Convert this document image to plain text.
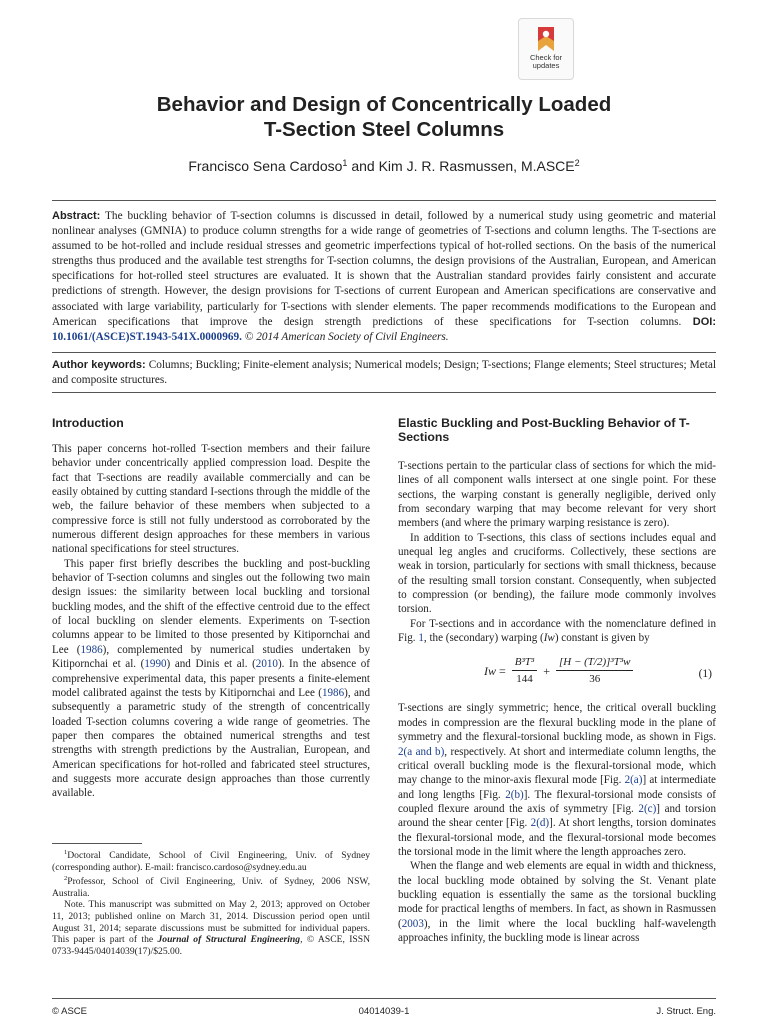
Check for
updates
Behavior and Design of Concentrically Loaded
T-Section Steel Columns
Francisco Sena Cardoso$^1$ and Kim J. R. Rasmussen, M.ASCE$^2$
Abstract: The buckling behavior of T-section columns is discussed in detail, followed by a numerical study using geometric and material nonlinear analyses (GMNIA) to produce column strengths for a wide range of geometries of T-sections and column lengths. The T-sections are assumed to be hot-rolled and include residual stresses and geometric imperfections typical of hot-rolled sections. On the basis of the numerical strengths thus produced and the available test strengths for T-section columns, the design provisions of the Australian, European, and American specifications for hot-rolled steel structures are evaluated. It is shown that the Australian standard provides fairly consistent and accurate predictions of strength. However, the design provisions for T-sections of current European and American specifications are conservative and associated with large variability, particularly for T-sections with slender elements. The paper recommends modifications to the European and American specifications that improve the design strength predictions of these specifications for T-section columns. DOI: 10.1061/(ASCE)ST.1943-541X.0000969. © 2014 American Society of Civil Engineers.
Author keywords: Columns; Buckling; Finite-element analysis; Numerical models; Design; T-sections; Flange elements; Steel structures; Metal and composite structures.
Introduction

This paper concerns hot-rolled T-section members and their failure behavior under concentrically applied compression load. Despite the fact that T-sections are readily available commercially and can be easily obtained by cutting standard I-sections through the middle of the web, the failure behavior of these members when subjected to a compressive force is still not fully understood as corroborated by the numerous different design approaches for these members in various national specifications for steel structures.

This paper first briefly describes the buckling and post-buckling behavior of T-section columns and singles out the following two main design issues: the similarity between local buckling and torsional buckling modes, and the shift of the effective centroid due to the effect of local buckling on slender elements. Experiments on T-section columns appear to be limited to those presented by Kitipornchai and Lee (1986), complemented by numerical studies undertaken by Kitipornchai et al. (1990) and Dinis et al. (2010). In the absence of comprehensive experimental data, this paper presents a finite-element model calibrated against the tests by Kitipornchai and Lee (1986), and subsequently a parametric study of the strength of concentrically loaded T-section columns covering a wide range of geometries. The paper then compares the obtained numerical strengths and test strengths with strength predictions by the Australian, European, and American specifications for hot-rolled and fabricated steel structures, and suggests more accurate design approaches than those currently available.

$^1$Doctoral Candidate, School of Civil Engineering, Univ. of Sydney (corresponding author). E-mail: francisco.cardoso@sydney.edu.au

$^2$Professor, School of Civil Engineering, Univ. of Sydney, 2006 NSW, Australia.

Note. This manuscript was submitted on May 2, 2013; approved on October 11, 2013; published online on March 31, 2014. Discussion period open until August 31, 2014; separate discussions must be submitted for individual papers. This paper is part of the Journal of Structural Engineering, © ASCE, ISSN 0733-9445/04014039(17)/$25.00.

Elastic Buckling and Post-Buckling Behavior of T-Sections

T-sections pertain to the particular class of sections for which the mid-lines of all component walls intersect at one single point. For these sections, the warping constant is generally negligible, derived only from secondary warping that may become relevant for very short members (and where the primary warping resistance is zero).

In addition to T-sections, this class of sections includes equal and unequal leg angles and cruciforms. Collectively, these sections are weak in torsion, particularly for sections with small thickness, because of the resulting small torsion constant. Consequently, when subjected to compression (or bending), the failure mode commonly involves torsion.

For T-sections and in accordance with the nomenclature defined in Fig. 1, the (secondary) warping (Iw) constant is given by

$Iw = \frac{\text{B³T³}}{144} + \frac{\text{[H − (T/2)]³T³w}}{36}$	(1)

T-sections are singly symmetric; hence, the critical overall buckling modes in compression are the flexural buckling mode in the plane of symmetry and the flexural-torsional buckling mode, as shown in Figs. 2(a and b), respectively. At short and intermediate column lengths, the critical overall buckling mode is the flexural-torsional mode, which may change to the minor-axis flexural mode [Fig. 2(a)] at intermediate and long lengths [Fig. 2(b)]. The flexural-torsional mode consists of coupled flexure around the axis of symmetry [Fig. 2(c)] and torsion around the shear center [Fig. 2(d)]. At short lengths, torsion dominates the flexural-torsional mode, and the flexural-torsional mode becomes the torsional mode in the limit where the length approaches zero.

When the flange and web elements are equal in width and thickness, the local buckling mode obtained by solving the St. Venant plate buckling equation is essentially the same as the torsional buckling mode for practical lengths of members. In fact, as shown in Rasmussen (2003), in the limit where the local buckling half-wavelength approaches infinity, the buckling mode is linear across

© ASCE	04014039-1	J. Struct. Eng.
